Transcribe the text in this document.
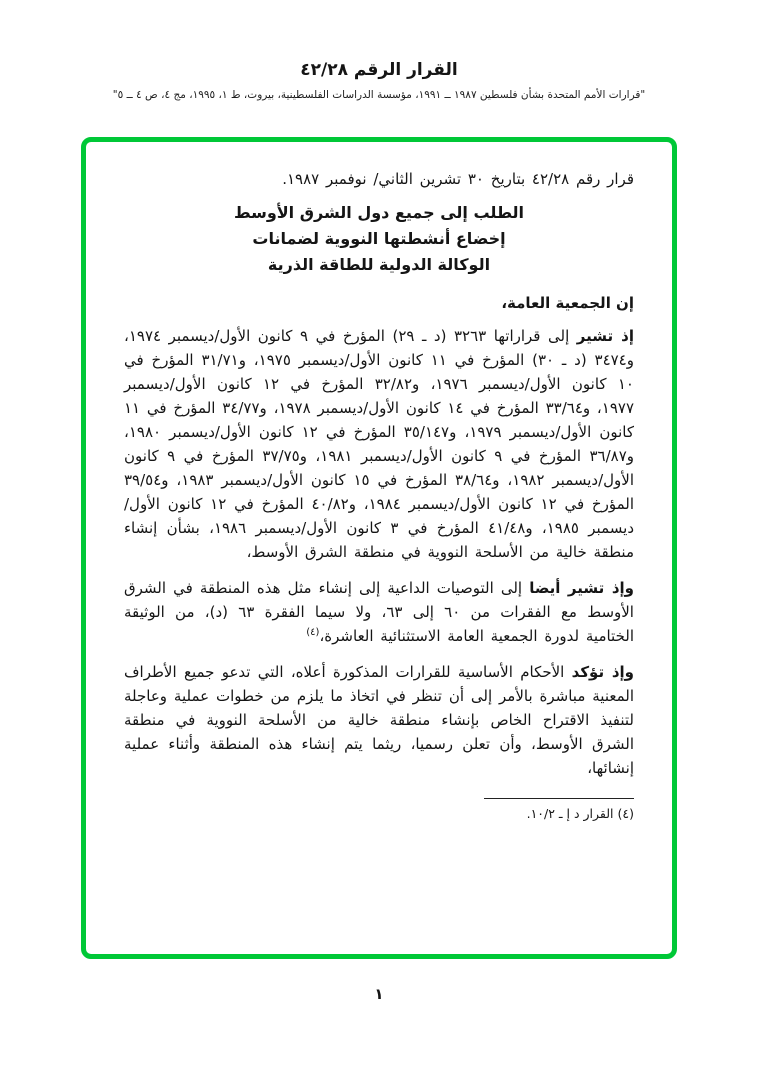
القرار الرقم ٤٢/٢٨
"قرارات الأمم المتحدة بشأن فلسطين ١٩٨٧ ــ ١٩٩١، مؤسسة الدراسات الفلسطينية، بيروت، ط ١، ١٩٩٥، مج ٤، ص ٤ ــ ٥"
قرار رقم ٤٢/٢٨ بتاريخ ٣٠ تشرين الثاني/ نوفمبر ١٩٨٧.
الطلب إلى جميع دول الشرق الأوسط
إخضاع أنشطتها النووية لضمانات
الوكالة الدولية للطاقة الذرية
إن الجمعية العامة،

إذ تشير إلى قراراتها ٣٢٦٣ (د ـ ٢٩) المؤرخ في ٩ كانون الأول/ديسمبر ١٩٧٤، و٣٤٧٤ (د ـ ٣٠) المؤرخ في ١١ كانون الأول/ديسمبر ١٩٧٥، و٣١/٧١ المؤرخ في ١٠ كانون الأول/ديسمبر ١٩٧٦، و٣٢/٨٢ المؤرخ في ١٢ كانون الأول/ديسمبر ١٩٧٧، و٣٣/٦٤ المؤرخ في ١٤ كانون الأول/ديسمبر ١٩٧٨، و٣٤/٧٧ المؤرخ في ١١ كانون الأول/ديسمبر ١٩٧٩، و٣٥/١٤٧ المؤرخ في ١٢ كانون الأول/ديسمبر ١٩٨٠، و٣٦/٨٧ المؤرخ في ٩ كانون الأول/ديسمبر ١٩٨١، و٣٧/٧٥ المؤرخ في ٩ كانون الأول/ديسمبر ١٩٨٢، و٣٨/٦٤ المؤرخ في ١٥ كانون الأول/ديسمبر ١٩٨٣، و٣٩/٥٤ المؤرخ في ١٢ كانون الأول/ديسمبر ١٩٨٤، و٤٠/٨٢ المؤرخ في ١٢ كانون الأول/ديسمبر ١٩٨٥، و٤١/٤٨ المؤرخ في ٣ كانون الأول/ديسمبر ١٩٨٦، بشأن إنشاء منطقة خالية من الأسلحة النووية في منطقة الشرق الأوسط،

وإذ تشير أيضا إلى التوصيات الداعية إلى إنشاء مثل هذه المنطقة في الشرق الأوسط مع الفقرات من ٦٠ إلى ٦٣، ولا سيما الفقرة ٦٣ (د)، من الوثيقة الختامية لدورة الجمعية العامة الاستثنائية العاشرة،$^{(٤)}$

وإذ تؤكد الأحكام الأساسية للقرارات المذكورة أعلاه، التي تدعو جميع الأطراف المعنية مباشرة بالأمر إلى أن تنظر في اتخاذ ما يلزم من خطوات عملية وعاجلة لتنفيذ الاقتراح الخاص بإنشاء منطقة خالية من الأسلحة النووية في منطقة الشرق الأوسط، وأن تعلن رسميا، ريثما يتم إنشاء هذه المنطقة وأثناء عملية إنشائها،

(٤) القرار د إ ـ ١٠/٢.
١
